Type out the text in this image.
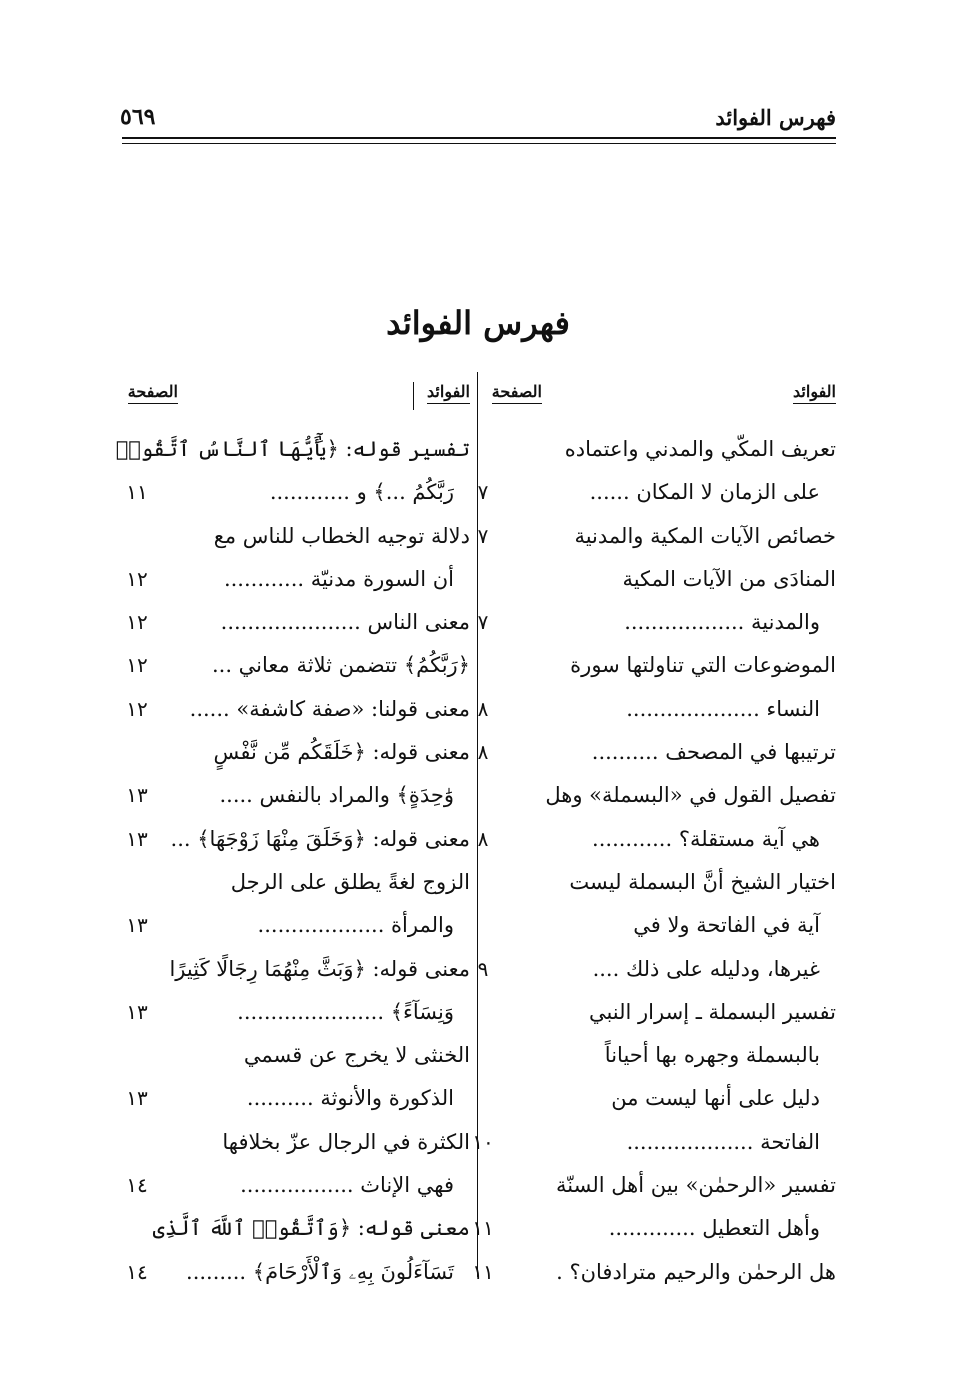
فهرس الفوائد
٥٦٩
فهرس الفوائد
الفوائد
الصفحة
الفوائد
الصفحة
تعريف المكّي والمدني واعتماده
على الزمان لا المكان ......
٧
خصائص الآيات المكية والمدنية
٧
المنادَى من الآيات المكية
والمدنية ..................
٧
الموضوعات التي تناولتها سورة
النساء ....................
٨
ترتيبها في المصحف ..........
٨
تفصيل القول في «البسملة» وهل
هي آية مستقلة؟ ............
٨
اختيار الشيخ أنَّ البسملة ليست
آية في الفاتحة ولا في
غيرها، ودليله على ذلك ....
٩
تفسير البسملة ـ إسرار النبي
بالبسملة وجهره بها أحياناً
دليل على أنها ليست من
الفاتحة ...................
١٠
تفسير «الرحمٰن» بين أهل السنّة
وأهل التعطيل .............
١١
هل الرحمٰن والرحيم مترادفان؟ .
١١
تفسير قوله: ﴿يَٰٓأَيُّهَا ٱلنَّاسُ ٱتَّقُوا۟
رَبَّكُمُ ...﴾ و ............
١١
دلالة توجيه الخطاب للناس مع
أن السورة مدنيّة ............
١٢
معنى الناس .....................
١٢
﴿رَبَّكُمُ﴾ تتضمن ثلاثة معاني ...
١٢
معنى قولنا: «صفة كاشفة» ......
١٢
معنى قوله: ﴿خَلَقَكُم مِّن نَّفْسٍ
وَٰحِدَةٍ﴾ والمراد بالنفس .....
١٣
معنى قوله: ﴿وَخَلَقَ مِنْهَا زَوْجَهَا﴾ ...
١٣
الزوج لغةً يطلق على الرجل
والمرأة ...................
١٣
معنى قوله: ﴿وَبَثَّ مِنْهُمَا رِجَالًا كَثِيرًا
وَنِسَآءً﴾ ......................
١٣
الخنثى لا يخرج عن قسمي
الذكورة والأنوثة ..........
١٣
الكثرة في الرجال عزّ بخلافها
فهي الإناث .................
١٤
معنى قوله: ﴿وَٱتَّقُوا۟ ٱللَّهَ ٱلَّذِى
تَسَآءَلُونَ بِهِۦ وَٱلْأَرْحَامَ﴾ .........
١٤
